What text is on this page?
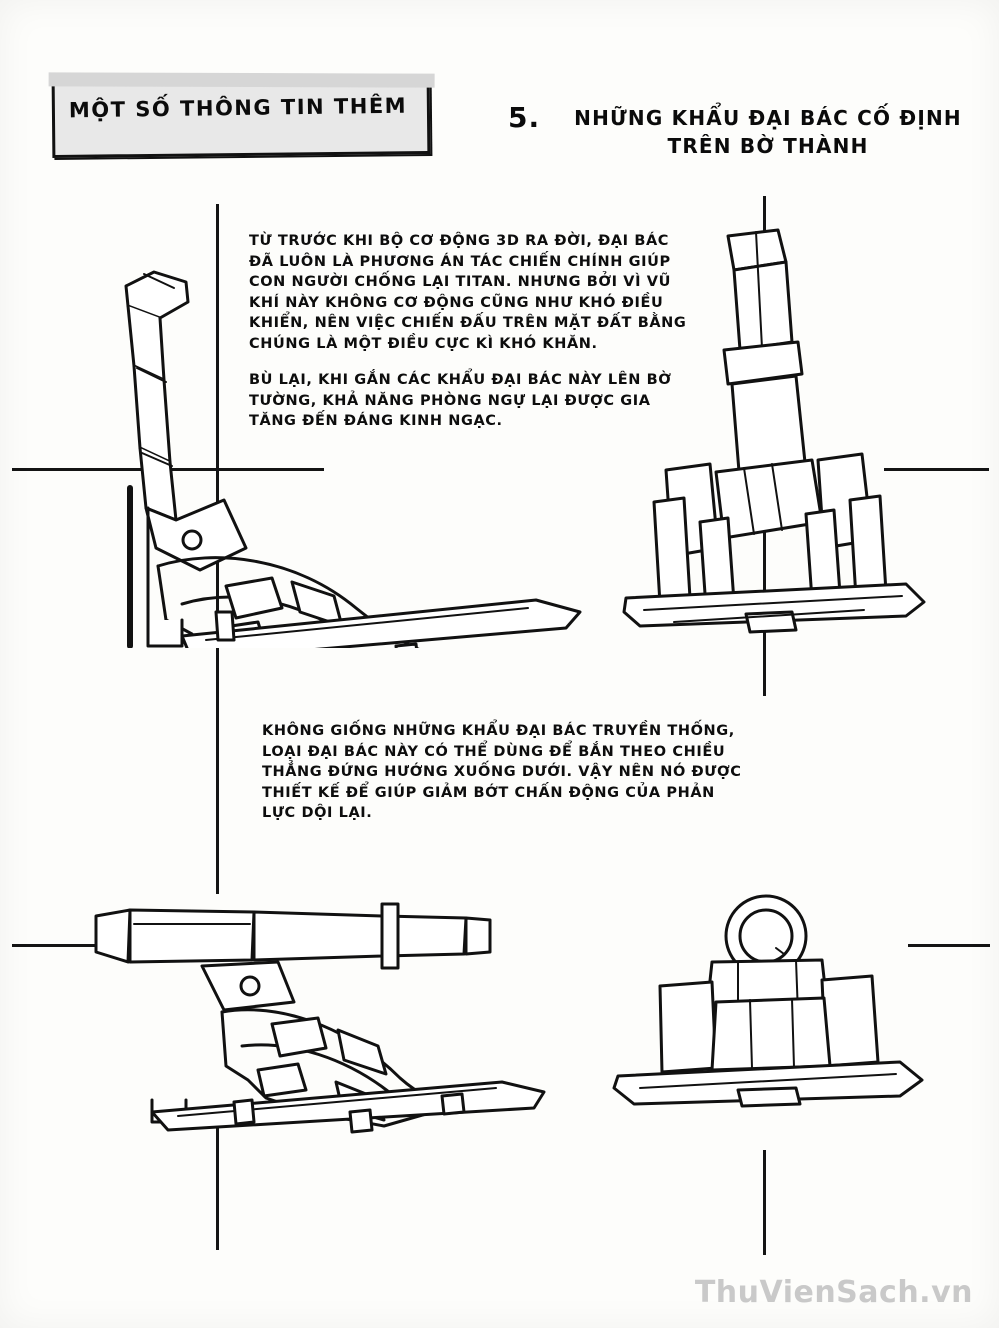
MỘT SỐ THÔNG TIN THÊM	5.	NHỮNG KHẨU ĐẠI BÁC CỐ ĐỊNH TRÊN BỜ THÀNH
TỪ TRƯỚC KHI BỘ CƠ ĐỘNG 3D RA ĐỜI, ĐẠI BÁC ĐÃ LUÔN LÀ PHƯƠNG ÁN TÁC CHIẾN CHÍNH GIÚP CON NGƯỜI CHỐNG LẠI TITAN. NHƯNG BỞI VÌ VŨ KHÍ NÀY KHÔNG CƠ ĐỘNG CŨNG NHƯ KHÓ ĐIỀU KHIỂN, NÊN VIỆC CHIẾN ĐẤU TRÊN MẶT ĐẤT BẰNG CHÚNG LÀ MỘT ĐIỀU CỰC KÌ KHÓ KHĂN.
BÙ LẠI, KHI GẮN CÁC KHẨU ĐẠI BÁC NÀY LÊN BỜ TƯỜNG, KHẢ NĂNG PHÒNG NGỰ LẠI ĐƯỢC GIA TĂNG ĐẾN ĐÁNG KINH NGẠC.
KHÔNG GIỐNG NHỮNG KHẨU ĐẠI BÁC TRUYỀN THỐNG, LOẠI ĐẠI BÁC NÀY CÓ THỂ DÙNG ĐỂ BẮN THEO CHIỀU THẲNG ĐỨNG HƯỚNG XUỐNG DƯỚI. VẬY NÊN NÓ ĐƯỢC THIẾT KẾ ĐỂ GIÚP GIẢM BỚT CHẤN ĐỘNG CỦA PHẢN LỰC DỘI LẠI.
ThuVienSach.vn
